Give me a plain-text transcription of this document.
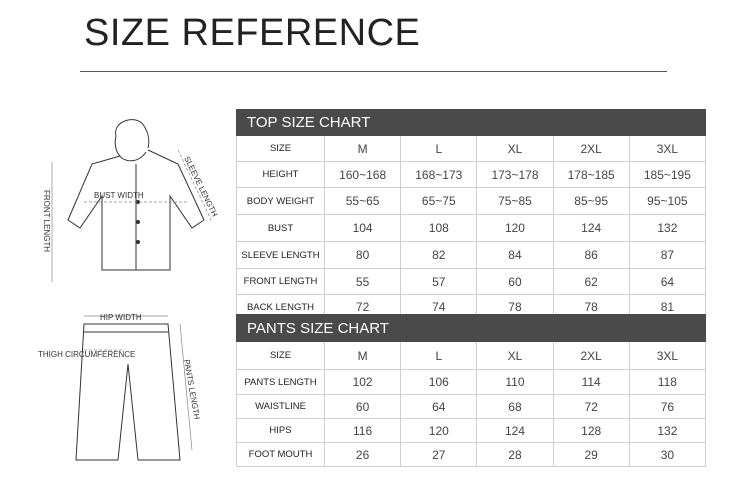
SIZE REFERENCE
BUST WIDTH	SLEEVE LENGTH
FRONT LENGTH
HIP WIDTH
THIGH CIRCUMFERENCE
PANTS LENGTH
TOP SIZE CHART					
SIZE	M	L	XL	2XL	3XL
HEIGHT	160~168	168~173	173~178	178~185	185~195
BODY WEIGHT	55~65	65~75	75~85	85~95	95~105
BUST	104	108	120	124	132
SLEEVE LENGTH	80	82	84	86	87
FRONT LENGTH	55	57	60	62	64
BACK LENGTH	72	74	78	78	81
PANTS SIZE CHART					
SIZE	M	L	XL	2XL	3XL
PANTS LENGTH	102	106	110	114	118
WAISTLINE	60	64	68	72	76
HIPS	116	120	124	128	132
FOOT MOUTH	26	27	28	29	30
